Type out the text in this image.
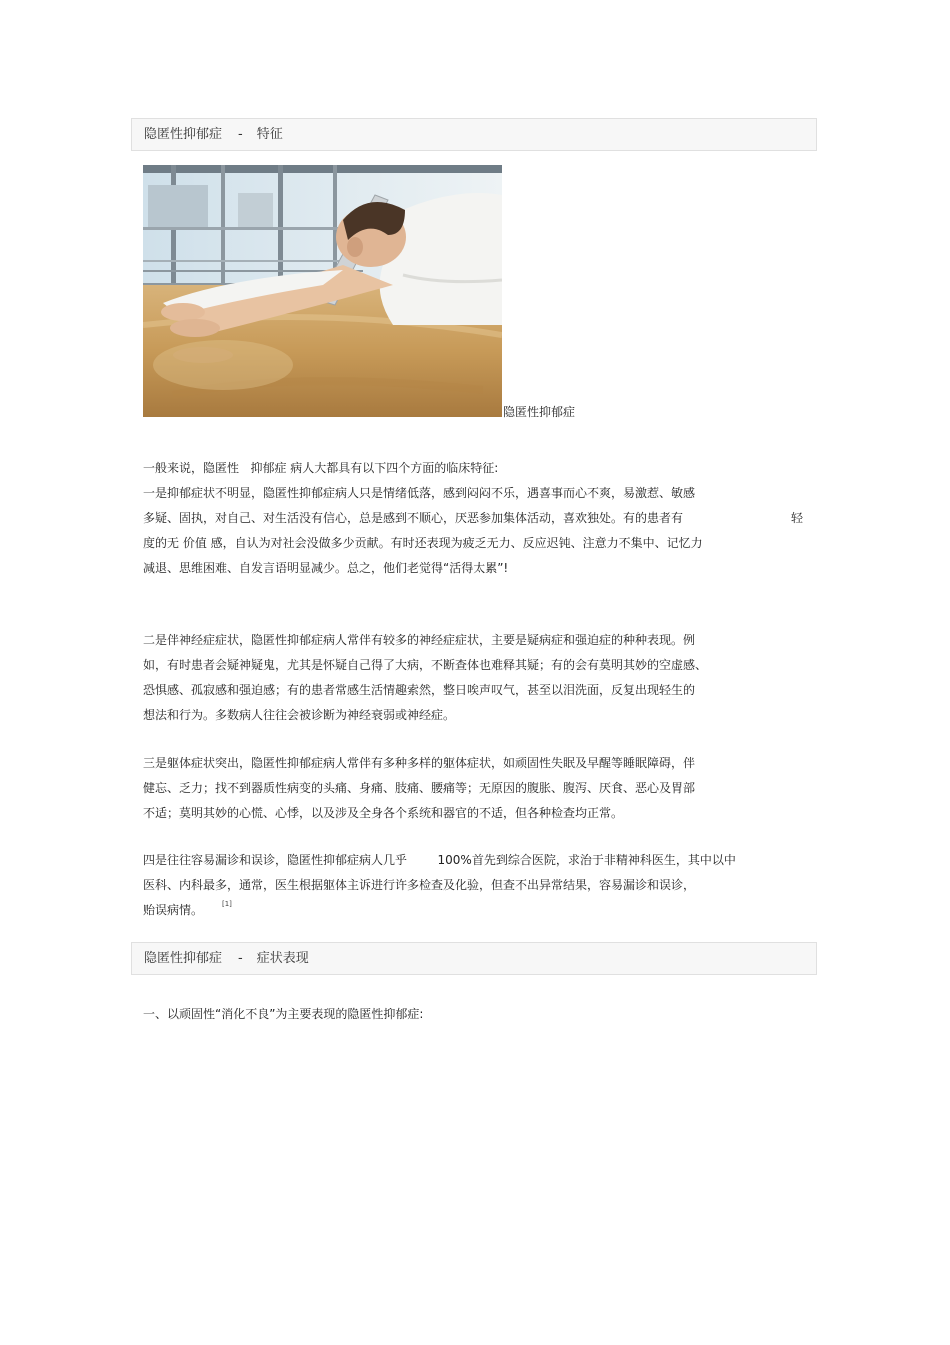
隐匿性抑郁症 - 特征
隐匿性抑郁症
一般来说，隐匿性   抑郁症 病人大都具有以下四个方面的临床特征:
一是抑郁症状不明显，隐匿性抑郁症病人只是情绪低落，感到闷闷不乐，遇喜事而心不爽，易激惹、敏感
多疑、固执，对自己、对生活没有信心，总是感到不顺心，厌恶参加集体活动，喜欢独处。有的患者有	轻
度的无 价值 感，自认为对社会没做多少贡献。有时还表现为疲乏无力、反应迟钝、注意力不集中、记忆力
减退、思维困难、自发言语明显减少。总之，他们老觉得“活得太累”!
二是伴神经症症状，隐匿性抑郁症病人常伴有较多的神经症症状，主要是疑病症和强迫症的种种表现。例
如，有时患者会疑神疑鬼，尤其是怀疑自己得了大病，不断查体也难释其疑；有的会有莫明其妙的空虚感、
恐惧感、孤寂感和强迫感；有的患者常感生活情趣索然，整日唉声叹气，甚至以泪洗面，反复出现轻生的
想法和行为。多数病人往往会被诊断为神经衰弱或神经症。
三是躯体症状突出，隐匿性抑郁症病人常伴有多种多样的躯体症状，如顽固性失眠及早醒等睡眠障碍，伴
健忘、乏力；找不到器质性病变的头痛、身痛、肢痛、腰痛等；无原因的腹胀、腹泻、厌食、恶心及胃部
不适；莫明其妙的心慌、心悸，以及涉及全身各个系统和器官的不适，但各种检查均正常。
四是往往容易漏诊和误诊，隐匿性抑郁症病人几乎        100%首先到综合医院，求治于非精神科医生，其中以中
医科、内科最多，通常，医生根据躯体主诉进行许多检查及化验，但查不出异常结果，容易漏诊和误诊，
贻误病情。	[1]
隐匿性抑郁症 - 症状表现
一、以顽固性“消化不良”为主要表现的隐匿性抑郁症:
